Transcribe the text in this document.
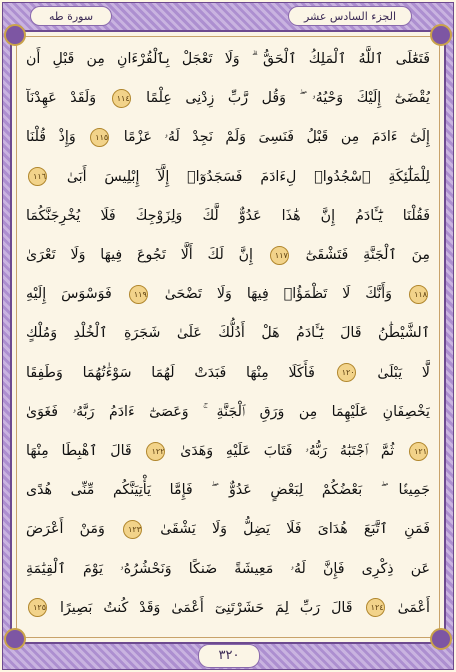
الجزء السادس عشر
سورة طه
فَتَعَٰلَى ٱللَّهُ ٱلْمَلِكُ ٱلْحَقُّ ۗ وَلَا تَعْجَلْ بِٱلْقُرْءَانِ مِن قَبْلِ أَن
يُقْضَىٰٓ إِلَيْكَ وَحْيُهُۥ ۖ وَقُل رَّبِّ زِدْنِى عِلْمًا ١١٤ وَلَقَدْ عَهِدْنَآ
إِلَىٰٓ ءَادَمَ مِن قَبْلُ فَنَسِىَ وَلَمْ نَجِدْ لَهُۥ عَزْمًا ١١٥ وَإِذْ قُلْنَا
لِلْمَلَٰٓئِكَةِ ٱسْجُدُوا۟ لِءَادَمَ فَسَجَدُوٓا۟ إِلَّآ إِبْلِيسَ أَبَىٰ ١١٦
فَقُلْنَا يَٰٓـَٔادَمُ إِنَّ هَٰذَا عَدُوٌّ لَّكَ وَلِزَوْجِكَ فَلَا يُخْرِجَنَّكُمَا
مِنَ ٱلْجَنَّةِ فَتَشْقَىٰٓ ١١٧ إِنَّ لَكَ أَلَّا تَجُوعَ فِيهَا وَلَا تَعْرَىٰ
١١٨ وَأَنَّكَ لَا تَظْمَؤُا۟ فِيهَا وَلَا تَضْحَىٰ ١١٩ فَوَسْوَسَ إِلَيْهِ
ٱلشَّيْطَٰنُ قَالَ يَٰٓـَٔادَمُ هَلْ أَدُلُّكَ عَلَىٰ شَجَرَةِ ٱلْخُلْدِ وَمُلْكٍ
لَّا يَبْلَىٰ ١٢٠ فَأَكَلَا مِنْهَا فَبَدَتْ لَهُمَا سَوْءَٰتُهُمَا وَطَفِقَا
يَخْصِفَانِ عَلَيْهِمَا مِن وَرَقِ ٱلْجَنَّةِ ۚ وَعَصَىٰٓ ءَادَمُ رَبَّهُۥ فَغَوَىٰ
١٢١ ثُمَّ ٱجْتَبَٰهُ رَبُّهُۥ فَتَابَ عَلَيْهِ وَهَدَىٰ ١٢٢ قَالَ ٱهْبِطَا مِنْهَا
جَمِيعًۢا ۖ بَعْضُكُمْ لِبَعْضٍ عَدُوٌّ ۖ فَإِمَّا يَأْتِيَنَّكُم مِّنِّى هُدًى
فَمَنِ ٱتَّبَعَ هُدَاىَ فَلَا يَضِلُّ وَلَا يَشْقَىٰ ١٢٣ وَمَنْ أَعْرَضَ
عَن ذِكْرِى فَإِنَّ لَهُۥ مَعِيشَةً ضَنكًا وَنَحْشُرُهُۥ يَوْمَ ٱلْقِيَٰمَةِ
أَعْمَىٰ ١٢٤ قَالَ رَبِّ لِمَ حَشَرْتَنِىٓ أَعْمَىٰ وَقَدْ كُنتُ بَصِيرًا ١٢٥
٣٢٠
